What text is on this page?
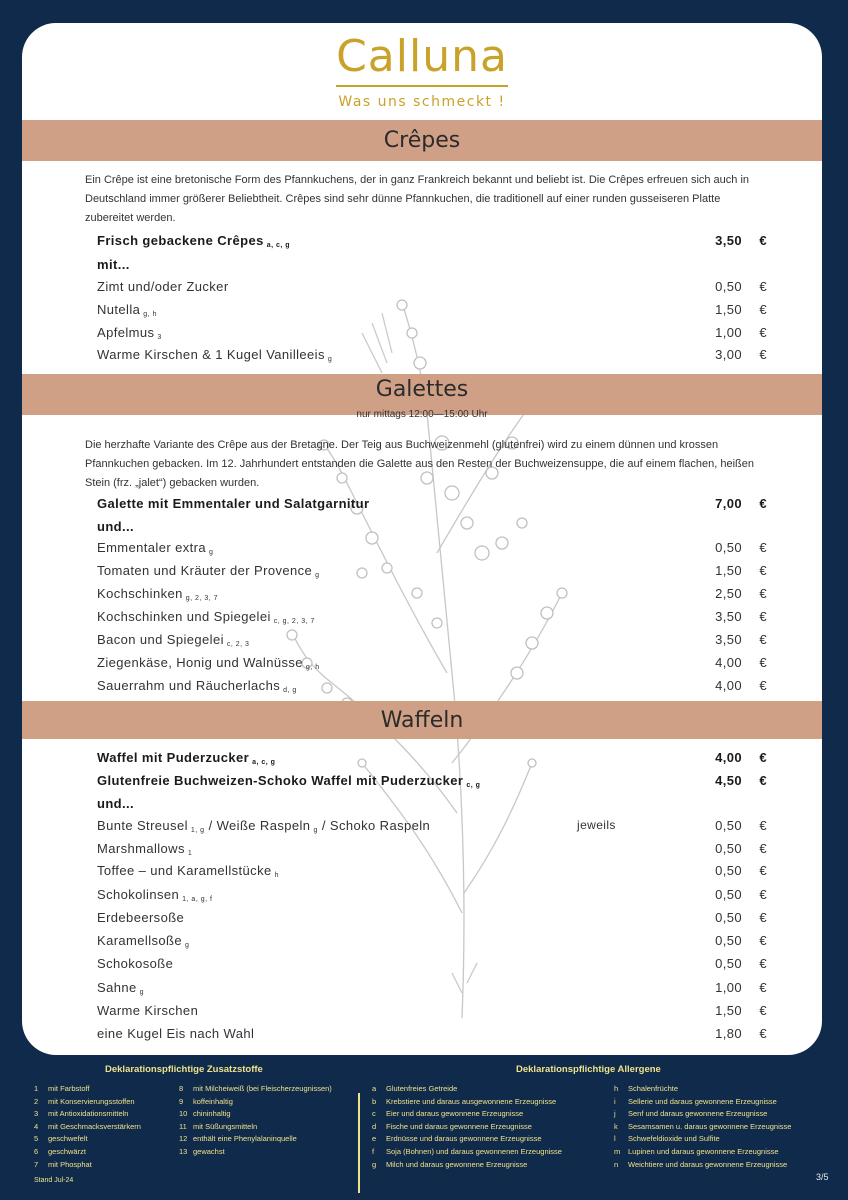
Calluna
Was uns schmeckt !
Crêpes
Ein Crêpe ist eine bretonische Form des Pfannkuchens, der in ganz Frankreich bekannt und beliebt ist. Die Crêpes erfreuen sich auch in Deutschland immer größerer Beliebtheit. Crêpes sind sehr dünne Pfannkuchen, die traditionell auf einer runden gusseiseren Platte zubereitet werden.
Frisch gebackene Crêpes $_{a, c, g}$	3,50 €
mit...
Zimt und/oder Zucker	0,50 €
Nutella $_{g, h}$	1,50 €
Apfelmus $_3$	1,00 €
Warme Kirschen & 1 Kugel Vanilleeis $_g$	3,00 €
Galettes
nur mittags 12:00—15:00 Uhr
Die herzhafte Variante des Crêpe aus der Bretagne. Der Teig aus Buchweizenmehl (glutenfrei) wird zu einem dünnen und krossen Pfannkuchen gebacken. Im 12. Jahrhundert entstanden die Galette aus den Resten der Buchweizensuppe, die auf einem flachen, heißen Stein (frz. „jalet“) gebacken wurden.
Galette mit Emmentaler und Salatgarnitur	7,00 €
und...
Emmentaler extra $_g$	0,50 €
Tomaten und Kräuter der Provence $_g$	1,50 €
Kochschinken $_{g, 2, 3, 7}$	2,50 €
Kochschinken und Spiegelei $_{c, g, 2, 3, 7}$	3,50 €
Bacon und Spiegelei $_{c, 2, 3}$	3,50 €
Ziegenkäse, Honig und Walnüsse $_{g, h}$	4,00 €
Sauerrahm und Räucherlachs $_{d, g}$	4,00 €
Waffeln
Waffel mit Puderzucker $_{a, c, g}$	4,00 €
Glutenfreie Buchweizen-Schoko Waffel mit Puderzucker $_{c, g}$	4,50 €
und...
Bunte Streusel $_{1, g}$ / Weiße Raspeln $_g$ / Schoko Raspeln	jeweils	0,50 €
Marshmallows $_1$	0,50 €
Toffee – und Karamellstücke $_h$	0,50 €
Schokolinsen $_{1, a, g, f}$	0,50 €
Erdebeersoße	0,50 €
Karamellsoße $_g$	0,50 €
Schokosoße	0,50 €
Sahne $_g$	1,00 €
Warme Kirschen	1,50 €
eine Kugel Eis nach Wahl	1,80 €
Deklarationspflichtige Zusatzstoffe	Deklarationspflichtige Allergene
1 mit Farbstoff
2 mit Konservierungsstoffen
3 mit Antioxidationsmitteln
4 mit Geschmacksverstärkern
5 geschwefelt
6 geschwärzt
7 mit Phosphat
8 mit Milcheiweiß (bei Fleischerzeugnissen)
9 koffeinhaltig
10 chininhaltig
11 mit Süßungsmitteln
12 enthält eine Phenylalaninquelle
13 gewachst
a Glutenfreies Getreide
b Krebstiere und daraus ausgewonnene Erzeugnisse
c Eier und daraus gewonnene Erzeugnisse
d Fische und daraus gewonnene Erzeugnisse
e Erdnüsse und daraus gewonnene Erzeugnisse
f Soja (Bohnen) und daraus gewonnenen Erzeugnisse
g Milch und daraus gewonnene Erzeugnisse
h Schalenfrüchte
i Sellerie und daraus gewonnene Erzeugnisse
j Senf und daraus gewonnene Erzeugnisse
k Sesamsamen u. daraus gewonnene Erzeugnisse
l Schwefeldioxide und Sulfite
m Lupinen und daraus gewonnene Erzeugnisse
n Weichtiere und daraus gewonnene Erzeugnisse
Stand Jul-24	3/5
